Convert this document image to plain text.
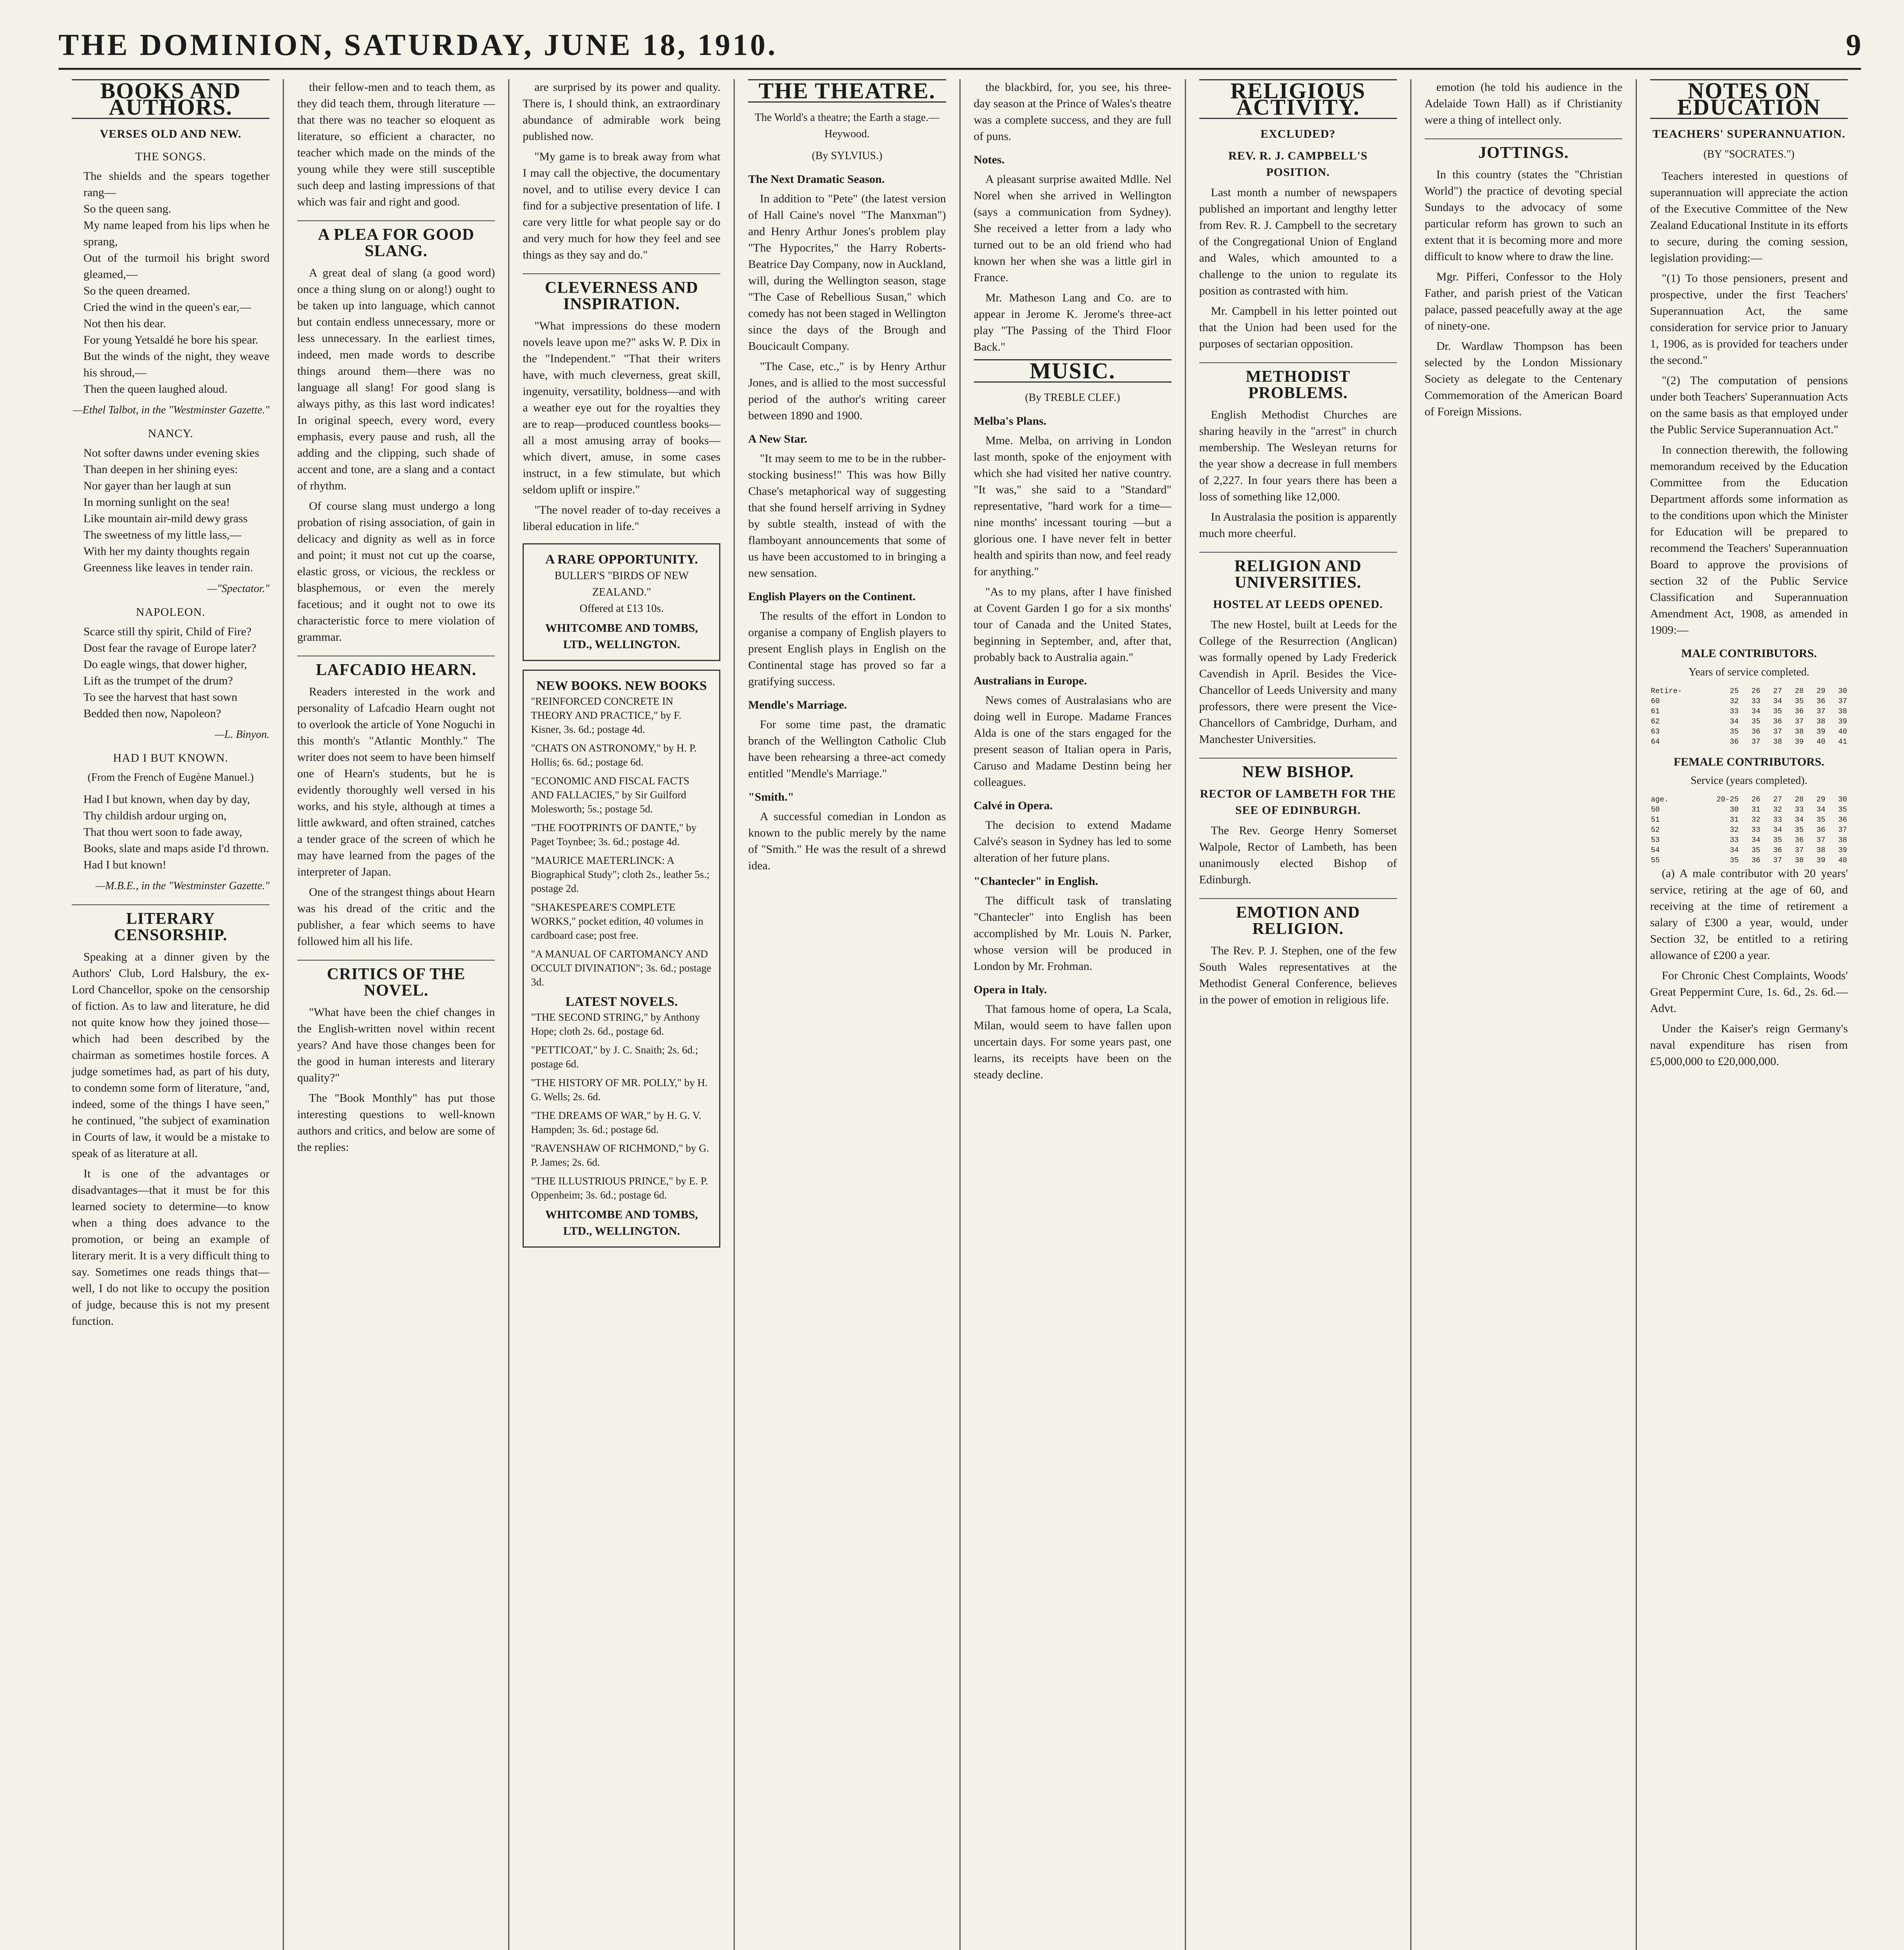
THE DOMINION, SATURDAY, JUNE 18, 1910.	9
BOOKS AND AUTHORS.
VERSES OLD AND NEW.
THE SONGS.
The shields and the spears together rang—
So the queen sang.
My name leaped from his lips when he sprang,
Out of the turmoil his bright sword gleamed,—
So the queen dreamed.
Cried the wind in the queen's ear,—
Not then his dear.
For young Yetsaldé he bore his spear.
But the winds of the night, they weave his shroud,—
Then the queen laughed aloud.
—Ethel Talbot, in the "Westminster Gazette."
NANCY.
Not softer dawns under evening skies
Than deepen in her shining eyes:
Nor gayer than her laugh at sun
In morning sunlight on the sea!
Like mountain air-mild dewy grass
The sweetness of my little lass,—
With her my dainty thoughts regain
Greenness like leaves in tender rain.
—"Spectator."
NAPOLEON.
Scarce still thy spirit, Child of Fire?
Dost fear the ravage of Europe later?
Do eagle wings, that dower higher,
Lift as the trumpet of the drum?
To see the harvest that hast sown
Bedded then now, Napoleon?
—L. Binyon.
HAD I BUT KNOWN.
(From the French of Eugène Manuel.)
Had I but known, when day by day,
Thy childish ardour urging on,
That thou wert soon to fade away,
Books, slate and maps aside I'd thrown.
Had I but known!
—M.B.E., in the "Westminster Gazette."
LITERARY CENSORSHIP.

Speaking at a dinner given by the Authors' Club, Lord Halsbury, the ex-Lord Chancellor, spoke on the censorship of fiction. As to law and literature, he did not quite know how they joined those—which had been described by the chairman as sometimes hostile forces. A judge sometimes had, as part of his duty, to condemn some form of literature, "and, indeed, some of the things I have seen," he continued, "the subject of examination in Courts of law, it would be a mistake to speak of as literature at all.

It is one of the advantages or disadvantages—that it must be for this learned society to determine—to know when a thing does advance to the promotion, or being an example of literary merit. It is a very difficult thing to say. Sometimes one reads things that—well, I do not like to occupy the position of judge, because this is not my present function.

their fellow-men and to teach them, as they did teach them, through literature —that there was no teacher so eloquent as literature, so efficient a character, no teacher which made on the minds of the young while they were still susceptible such deep and lasting impressions of that which was fair and right and good.

A PLEA FOR GOOD SLANG.

A great deal of slang (a good word) once a thing slung on or along!) ought to be taken up into language, which cannot but contain endless unnecessary, more or less unnecessary. In the earliest times, indeed, men made words to describe things around them—there was no language all slang! For good slang is always pithy, as this last word indicates! In original speech, every word, every emphasis, every pause and rush, all the adding and the clipping, such shade of accent and tone, are a slang and a contact of rhythm.

Of course slang must undergo a long probation of rising association, of gain in delicacy and dignity as well as in force and point; it must not cut up the coarse, elastic gross, or vicious, the reckless or blasphemous, or even the merely facetious; and it ought not to owe its characteristic force to mere violation of grammar.

LAFCADIO HEARN.

Readers interested in the work and personality of Lafcadio Hearn ought not to overlook the article of Yone Noguchi in this month's "Atlantic Monthly." The writer does not seem to have been himself one of Hearn's students, but he is evidently thoroughly well versed in his works, and his style, although at times a little awkward, and often strained, catches a tender grace of the screen of which he may have learned from the pages of the interpreter of Japan.

One of the strangest things about Hearn was his dread of the critic and the publisher, a fear which seems to have followed him all his life.

CRITICS OF THE NOVEL.

"What have been the chief changes in the English-written novel within recent years? And have those changes been for the good in human interests and literary quality?"

The "Book Monthly" has put those interesting questions to well-known authors and critics, and below are some of the replies:

are surprised by its power and quality. There is, I should think, an extraordinary abundance of admirable work being published now.

"My game is to break away from what I may call the objective, the documentary novel, and to utilise every device I can find for a subjective presentation of life. I care very little for what people say or do and very much for how they feel and see things as they say and do."

CLEVERNESS AND INSPIRATION.

"What impressions do these modern novels leave upon me?" asks W. P. Dix in the "Independent." "That their writers have, with much cleverness, great skill, ingenuity, versatility, boldness—and with a weather eye out for the royalties they are to reap—produced countless books—all a most amusing array of books—which divert, amuse, in some cases instruct, in a few stimulate, but which seldom uplift or inspire."

"The novel reader of to-day receives a liberal education in life."

A RARE OPPORTUNITY.
BULLER'S "BIRDS OF NEW ZEALAND."
Offered at £13 10s.
WHITCOMBE AND TOMBS, LTD., WELLINGTON.
NEW BOOKS. NEW BOOKS
"REINFORCED CONCRETE IN THEORY AND PRACTICE," by F. Kisner, 3s. 6d.; postage 4d.
"CHATS ON ASTRONOMY," by H. P. Hollis; 6s. 6d.; postage 6d.
"ECONOMIC AND FISCAL FACTS AND FALLACIES," by Sir Guilford Molesworth; 5s.; postage 5d.
"THE FOOTPRINTS OF DANTE," by Paget Toynbee; 3s. 6d.; postage 4d.
"MAURICE MAETERLINCK: A Biographical Study"; cloth 2s., leather 5s.; postage 2d.
"SHAKESPEARE'S COMPLETE WORKS," pocket edition, 40 volumes in cardboard case; post free.
"A MANUAL OF CARTOMANCY AND OCCULT DIVINATION"; 3s. 6d.; postage 3d.
LATEST NOVELS.
"THE SECOND STRING," by Anthony Hope; cloth 2s. 6d., postage 6d.
"PETTICOAT," by J. C. Snaith; 2s. 6d.; postage 6d.
"THE HISTORY OF MR. POLLY," by H. G. Wells; 2s. 6d.
"THE DREAMS OF WAR," by H. G. V. Hampden; 3s. 6d.; postage 6d.
"RAVENSHAW OF RICHMOND," by G. P. James; 2s. 6d.
"THE ILLUSTRIOUS PRINCE," by E. P. Oppenheim; 3s. 6d.; postage 6d.
WHITCOMBE AND TOMBS, LTD., WELLINGTON.
THE THEATRE.
The World's a theatre; the Earth a stage.—Heywood.
(By SYLVIUS.)
The Next Dramatic Season.

In addition to "Pete" (the latest version of Hall Caine's novel "The Manxman") and Henry Arthur Jones's problem play "The Hypocrites," the Harry Roberts-Beatrice Day Company, now in Auckland, will, during the Wellington season, stage "The Case of Rebellious Susan," which comedy has not been staged in Wellington since the days of the Brough and Boucicault Company.

"The Case, etc.," is by Henry Arthur Jones, and is allied to the most successful period of the author's writing career between 1890 and 1900.

A New Star.

"It may seem to me to be in the rubber-stocking business!" This was how Billy Chase's metaphorical way of suggesting that she found herself arriving in Sydney by subtle stealth, instead of with the flamboyant announcements that some of us have been accustomed to in bringing a new sensation.

English Players on the Continent.

The results of the effort in London to organise a company of English players to present English plays in English on the Continental stage has proved so far a gratifying success.

Mendle's Marriage.

For some time past, the dramatic branch of the Wellington Catholic Club have been rehearsing a three-act comedy entitled "Mendle's Marriage."

"Smith."

A successful comedian in London as known to the public merely by the name of "Smith." He was the result of a shrewd idea.

the blackbird, for, you see, his three-day season at the Prince of Wales's theatre was a complete success, and they are full of puns.

Notes.

A pleasant surprise awaited Mdlle. Nel Norel when she arrived in Wellington (says a communication from Sydney). She received a letter from a lady who turned out to be an old friend who had known her when she was a little girl in France.

Mr. Matheson Lang and Co. are to appear in Jerome K. Jerome's three-act play "The Passing of the Third Floor Back."

MUSIC.
(By TREBLE CLEF.)
Melba's Plans.

Mme. Melba, on arriving in London last month, spoke of the enjoyment with which she had visited her native country. "It was," she said to a "Standard" representative, "hard work for a time—nine months' incessant touring —but a glorious one. I have never felt in better health and spirits than now, and feel ready for anything."

"As to my plans, after I have finished at Covent Garden I go for a six months' tour of Canada and the United States, beginning in September, and, after that, probably back to Australia again."

Australians in Europe.

News comes of Australasians who are doing well in Europe. Madame Frances Alda is one of the stars engaged for the present season of Italian opera in Paris, Caruso and Madame Destinn being her colleagues.

Calvé in Opera.

The decision to extend Madame Calvé's season in Sydney has led to some alteration of her future plans.

"Chantecler" in English.

The difficult task of translating "Chantecler" into English has been accomplished by Mr. Louis N. Parker, whose version will be produced in London by Mr. Frohman.

Opera in Italy.

That famous home of opera, La Scala, Milan, would seem to have fallen upon uncertain days. For some years past, one learns, its receipts have been on the steady decline.

RELIGIOUS ACTIVITY.
EXCLUDED?
REV. R. J. CAMPBELL'S POSITION.

Last month a number of newspapers published an important and lengthy letter from Rev. R. J. Campbell to the secretary of the Congregational Union of England and Wales, which amounted to a challenge to the union to regulate its position as contrasted with him.

Mr. Campbell in his letter pointed out that the Union had been used for the purposes of sectarian opposition.

METHODIST PROBLEMS.

English Methodist Churches are sharing heavily in the "arrest" in church membership. The Wesleyan returns for the year show a decrease in full members of 2,227. In four years there has been a loss of something like 12,000.

In Australasia the position is apparently much more cheerful.

RELIGION AND UNIVERSITIES.
HOSTEL AT LEEDS OPENED.

The new Hostel, built at Leeds for the College of the Resurrection (Anglican) was formally opened by Lady Frederick Cavendish in April. Besides the Vice-Chancellor of Leeds University and many professors, there were present the Vice-Chancellors of Cambridge, Durham, and Manchester Universities.

NEW BISHOP.
RECTOR OF LAMBETH FOR THE SEE OF EDINBURGH.

The Rev. George Henry Somerset Walpole, Rector of Lambeth, has been unanimously elected Bishop of Edinburgh.

EMOTION AND RELIGION.

The Rev. P. J. Stephen, one of the few South Wales representatives at the Methodist General Conference, believes in the power of emotion in religious life.

emotion (he told his audience in the Adelaide Town Hall) as if Christianity were a thing of intellect only.

JOTTINGS.

In this country (states the "Christian World") the practice of devoting special Sundays to the advocacy of some particular reform has grown to such an extent that it is becoming more and more difficult to know where to draw the line.

Mgr. Pifferi, Confessor to the Holy Father, and parish priest of the Vatican palace, passed peacefully away at the age of ninety-one.

Dr. Wardlaw Thompson has been selected by the London Missionary Society as delegate to the Centenary Commemoration of the American Board of Foreign Missions.

NOTES ON EDUCATION
TEACHERS' SUPERANNUATION.
(BY "SOCRATES.")

Teachers interested in questions of superannuation will appreciate the action of the Executive Committee of the New Zealand Educational Institute in its efforts to secure, during the coming session, legislation providing:—

"(1) To those pensioners, present and prospective, under the first Teachers' Superannuation Act, the same consideration for service prior to January 1, 1906, as is provided for teachers under the second."

"(2) The computation of pensions under both Teachers' Superannuation Acts on the same basis as that employed under the Public Service Superannuation Act."

In connection therewith, the following memorandum received by the Education Committee from the Education Department affords some information as to the conditions upon which the Minister for Education will be prepared to recommend the Teachers' Superannuation Board to approve the provisions of section 32 of the Public Service Classification and Superannuation Amendment Act, 1908, as amended in 1909:—

MALE CONTRIBUTORS.
Years of service completed.
Retire-	25	26	27	28	29	30
60	32	33	34	35	36	37
61	33	34	35	36	37	38
62	34	35	36	37	38	39
63	35	36	37	38	39	40
64	36	37	38	39	40	41
FEMALE CONTRIBUTORS.
Service (years completed).
age.	20-25	26	27	28	29	30
50	30	31	32	33	34	35
51	31	32	33	34	35	36
52	32	33	34	35	36	37
53	33	34	35	36	37	38
54	34	35	36	37	38	39
55	35	36	37	38	39	40

(a) A male contributor with 20 years' service, retiring at the age of 60, and receiving at the time of retirement a salary of £300 a year, would, under Section 32, be entitled to a retiring allowance of £200 a year.

For Chronic Chest Complaints, Woods' Great Peppermint Cure, 1s. 6d., 2s. 6d.—Advt.

Under the Kaiser's reign Germany's naval expenditure has risen from £5,000,000 to £20,000,000.
